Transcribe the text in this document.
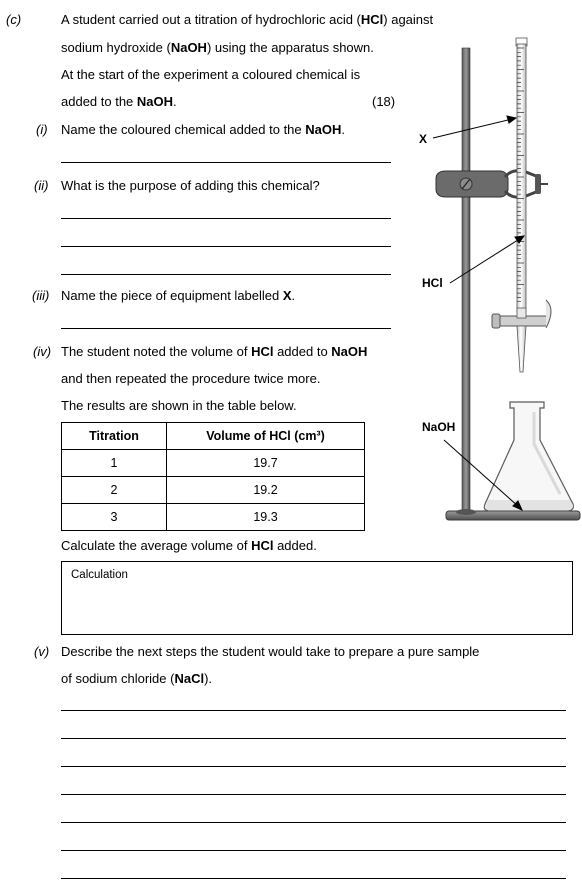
(c)	A student carried out a titration of hydrochloric acid (HCl) against
sodium hydroxide (NaOH) using the apparatus shown.
At the start of the experiment a coloured chemical is
added to the NaOH.	(18)
(i) Name the coloured chemical added to the NaOH.
(ii) What is the purpose of adding this chemical?
(iii) Name the piece of equipment labelled X.
(iv) The student noted the volume of HCl added to NaOH
and then repeated the procedure twice more.
The results are shown in the table below.
Titration	Volume of HCl (cm³)
1	19.7
2	19.2
3	19.3
Calculate the average volume of HCl added.
Calculation
(v) Describe the next steps the student would take to prepare a pure sample
of sodium chloride (NaCl).
X
HCl
NaOH
